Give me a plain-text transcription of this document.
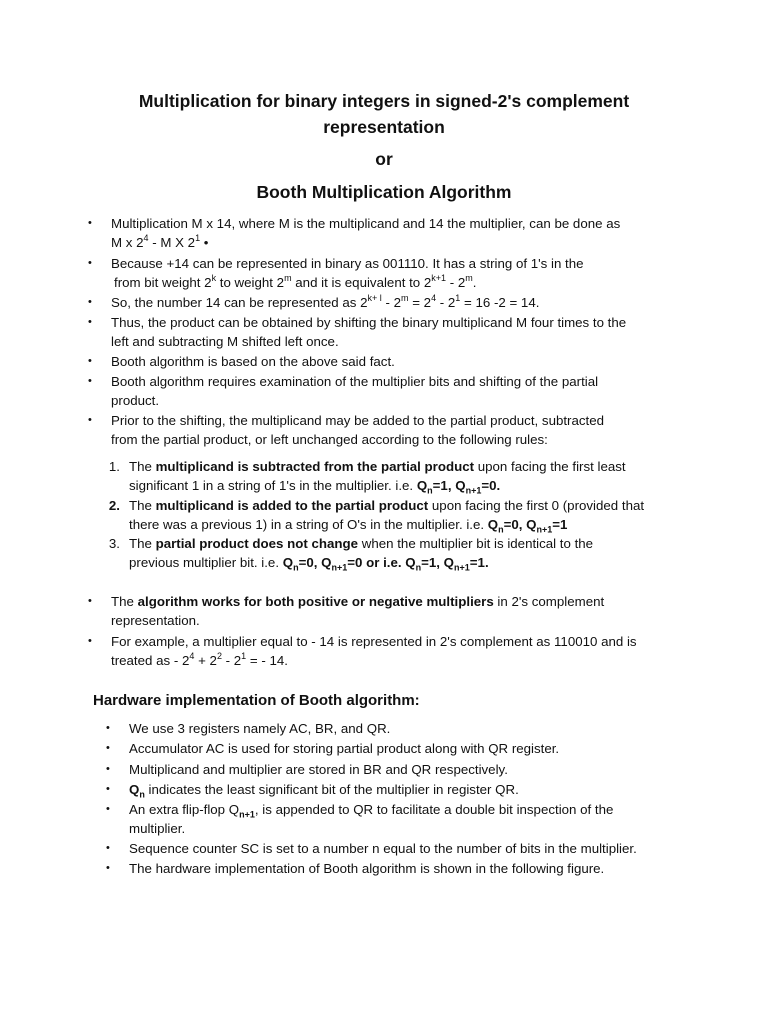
Multiplication for binary integers in signed-2's complement
representation
or
Booth Multiplication Algorithm
• Multiplication M x 14, where M is the multiplicand and 14 the multiplier, can be done as
M x $2^4$ - M X $2^1$ •
• Because +14 can be represented in binary as 001110. It has a string of 1's in the
from bit weight 2$^k$ to weight 2$^m$ and it is equivalent to $2^{k+1} - 2^m$.
• So, the number 14 can be represented as $2^{k+ l} - 2^m = 2^4 - 2^1 = 16$ -2 = 14.
• Thus, the product can be obtained by shifting the binary multiplicand M four times to the
left and subtracting M shifted left once.
• Booth algorithm is based on the above said fact.
• Booth algorithm requires examination of the multiplier bits and shifting of the partial
product.
• Prior to the shifting, the multiplicand may be added to the partial product, subtracted
from the partial product, or left unchanged according to the following rules:
1. The multiplicand is subtracted from the partial product upon facing the first least
significant 1 in a string of 1's in the multiplier. i.e. $Q_n=1$, $Q_{n+1}=0$.
2. The multiplicand is added to the partial product upon facing the first 0 (provided that
there was a previous 1) in a string of O's in the multiplier. i.e. $Q_n=0$, $Q_{n+1}=1$
3. The partial product does not change when the multiplier bit is identical to the
previous multiplier bit. i.e. $Q_n=0$, $Q_{n+1}=0$ or i.e. $Q_n=1$, $Q_{n+1}=1$.
• The algorithm works for both positive or negative multipliers in 2's complement
representation.
• For example, a multiplier equal to - 14 is represented in 2's complement as 110010 and is
treated as - $2^4 + 2^2 - 2^1$ = - 14.
Hardware implementation of Booth algorithm:
• We use 3 registers namely AC, BR, and QR.
• Accumulator AC is used for storing partial product along with QR register.
• Multiplicand and multiplier are stored in BR and QR respectively.
• $Q_n$ indicates the least significant bit of the multiplier in register QR.
• An extra flip-flop $Q_{n+1}$, is appended to QR to facilitate a double bit inspection of the
multiplier.
• Sequence counter SC is set to a number n equal to the number of bits in the multiplier.
• The hardware implementation of Booth algorithm is shown in the following figure.
